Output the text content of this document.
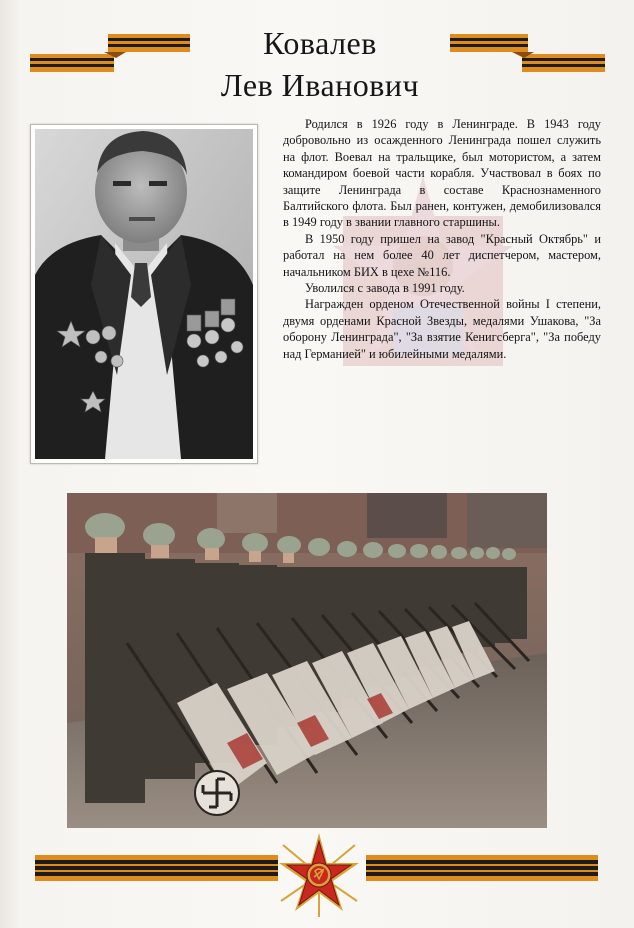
Ковалев
Лев Иванович

Родился в 1926 году в Ленинграде. В 1943 году добровольно из осажденного Ленинграда пошел служить на флот. Воевал на тральщике, был мотористом, а затем командиром боевой части корабля. Участвовал в боях по защите Ленинграда в составе Краснознаменного Балтийского флота. Был ранен, контужен, демобилизовался в 1949 году в звании главного старшины.

В 1950 году пришел на завод "Красный Октябрь" и работал на нем более 40 лет диспетчером, мастером, начальником БИХ в цехе №116.

Уволился с завода в 1991 году.

Награжден орденом Отечественной войны I степени, двумя орденами Красной Звезды, медалями Ушакова, "За оборону Ленинграда", "За взятие Кенигсберга", "За победу над Германией" и юбилейными медалями.
